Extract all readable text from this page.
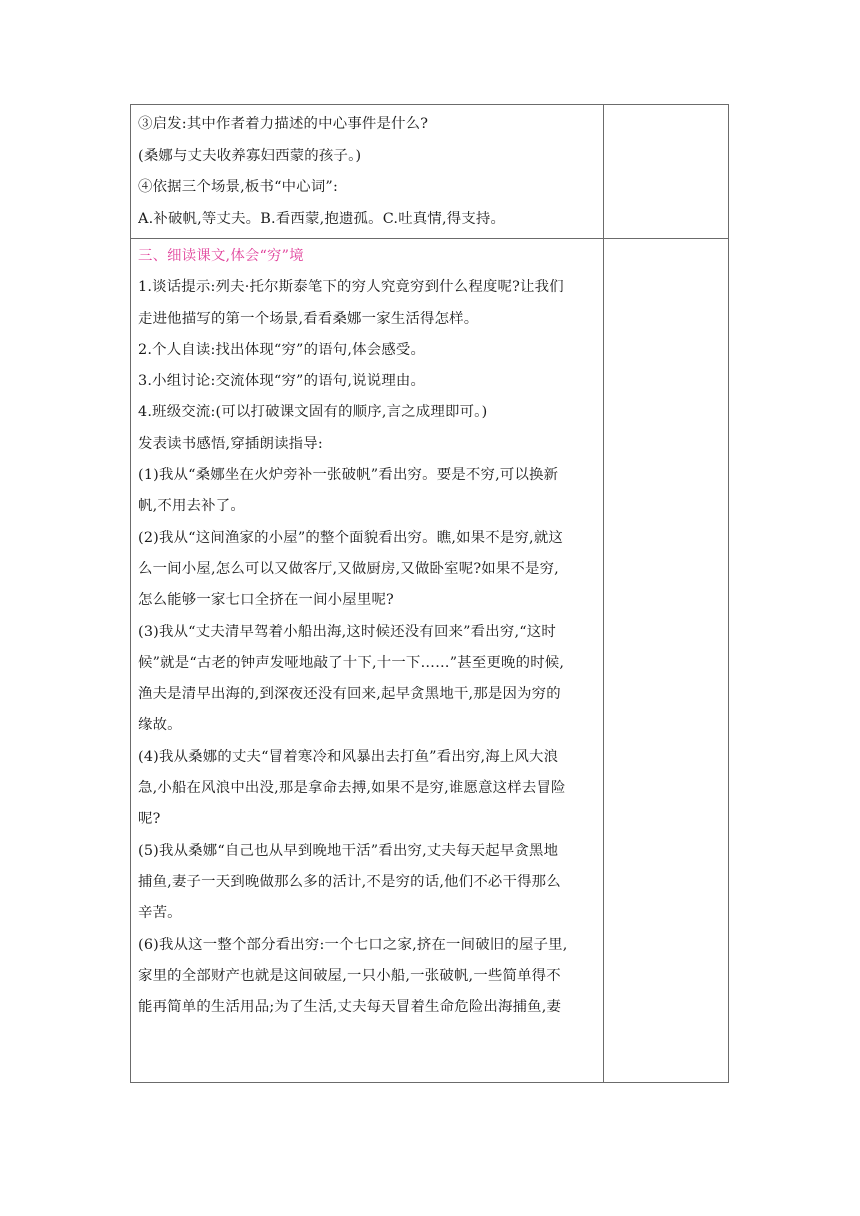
③启发:其中作者着力描述的中心事件是什么?
(桑娜与丈夫收养寡妇西蒙的孩子。)
④依据三个场景,板书“中心词”:
A.补破帆,等丈夫。B.看西蒙,抱遗孤。C.吐真情,得支持。
三、细读课文,体会“穷”境
1.谈话提示:列夫·托尔斯泰笔下的穷人究竟穷到什么程度呢?让我们
走进他描写的第一个场景,看看桑娜一家生活得怎样。
2.个人自读:找出体现“穷”的语句,体会感受。
3.小组讨论:交流体现“穷”的语句,说说理由。
4.班级交流:(可以打破课文固有的顺序,言之成理即可。)
发表读书感悟,穿插朗读指导:
(1)我从“桑娜坐在火炉旁补一张破帆”看出穷。要是不穷,可以换新
帆,不用去补了。
(2)我从“这间渔家的小屋”的整个面貌看出穷。瞧,如果不是穷,就这
么一间小屋,怎么可以又做客厅,又做厨房,又做卧室呢?如果不是穷,
怎么能够一家七口全挤在一间小屋里呢?
(3)我从“丈夫清早驾着小船出海,这时候还没有回来”看出穷,“这时
候”就是“古老的钟声发哑地敲了十下,十一下……”甚至更晚的时候,
渔夫是清早出海的,到深夜还没有回来,起早贪黑地干,那是因为穷的
缘故。
(4)我从桑娜的丈夫“冒着寒冷和风暴出去打鱼”看出穷,海上风大浪
急,小船在风浪中出没,那是拿命去搏,如果不是穷,谁愿意这样去冒险
呢?
(5)我从桑娜“自己也从早到晚地干活”看出穷,丈夫每天起早贪黑地
捕鱼,妻子一天到晚做那么多的活计,不是穷的话,他们不必干得那么
辛苦。
(6)我从这一整个部分看出穷:一个七口之家,挤在一间破旧的屋子里,
家里的全部财产也就是这间破屋,一只小船,一张破帆,一些简单得不
能再简单的生活用品;为了生活,丈夫每天冒着生命危险出海捕鱼,妻
